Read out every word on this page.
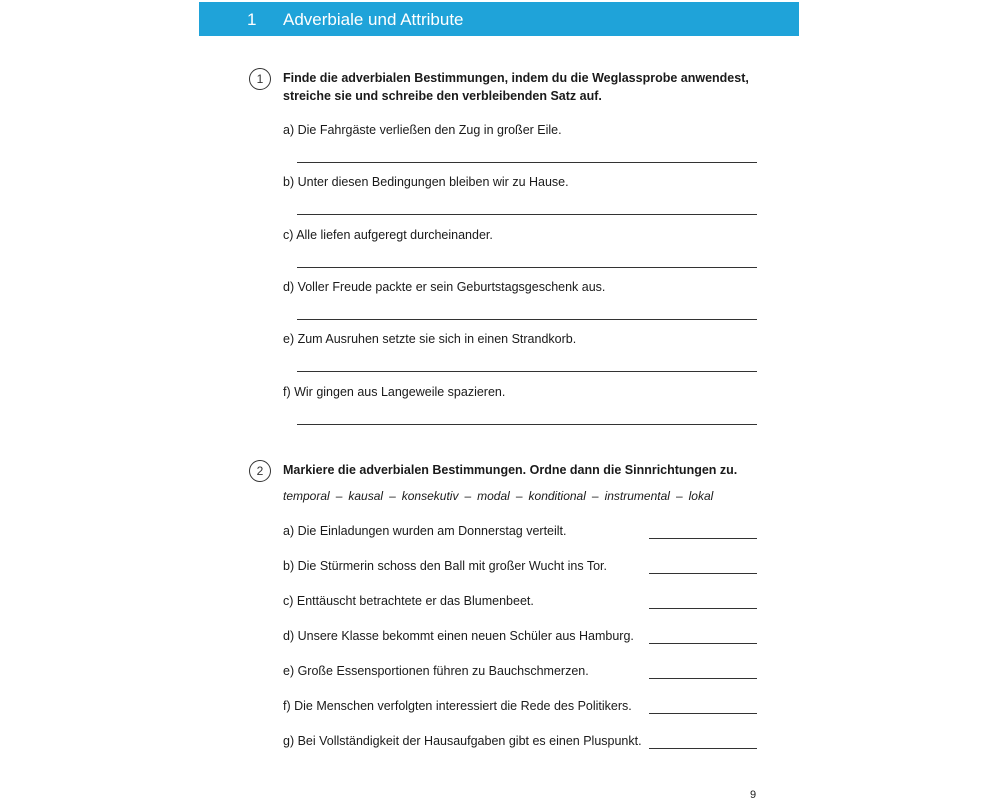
1 Adverbiale und Attribute
1	Finde die adverbialen Bestimmungen, indem du die Weglassprobe anwendest,
streiche sie und schreibe den verbleibenden Satz auf.
a) Die Fahrgäste verließen den Zug in großer Eile.
b) Unter diesen Bedingungen bleiben wir zu Hause.
c) Alle liefen aufgeregt durcheinander.
d) Voller Freude packte er sein Geburtstagsgeschenk aus.
e) Zum Ausruhen setzte sie sich in einen Strandkorb.
f) Wir gingen aus Langeweile spazieren.
2	Markiere die adverbialen Bestimmungen. Ordne dann die Sinnrichtungen zu.
temporal – kausal – konsekutiv – modal – konditional – instrumental – lokal
a) Die Einladungen wurden am Donnerstag verteilt.
b) Die Stürmerin schoss den Ball mit großer Wucht ins Tor.
c) Enttäuscht betrachtete er das Blumenbeet.
d) Unsere Klasse bekommt einen neuen Schüler aus Hamburg.
e) Große Essensportionen führen zu Bauchschmerzen.
f) Die Menschen verfolgten interessiert die Rede des Politikers.
g) Bei Vollständigkeit der Hausaufgaben gibt es einen Pluspunkt.
9
